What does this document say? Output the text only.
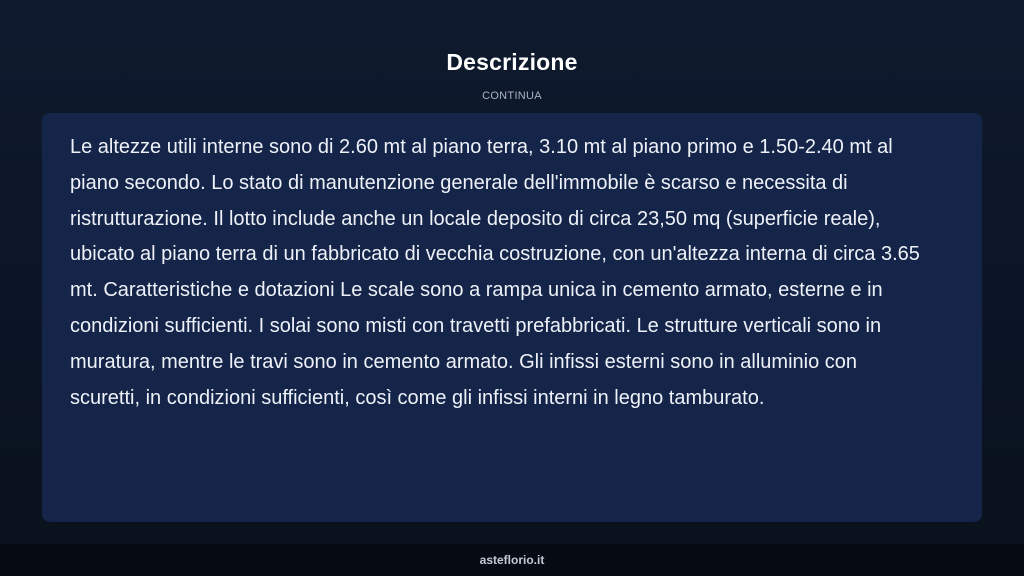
Descrizione
CONTINUA

Le altezze utili interne sono di 2.60 mt al piano terra, 3.10 mt al piano primo e 1.50-2.40 mt al piano secondo. Lo stato di manutenzione generale dell'immobile è scarso e necessita di ristrutturazione. Il lotto include anche un locale deposito di circa 23,50 mq (superficie reale), ubicato al piano terra di un fabbricato di vecchia costruzione, con un'altezza interna di circa 3.65 mt. Caratteristiche e dotazioni Le scale sono a rampa unica in cemento armato, esterne e in condizioni sufficienti. I solai sono misti con travetti prefabbricati. Le strutture verticali sono in muratura, mentre le travi sono in cemento armato. Gli infissi esterni sono in alluminio con scuretti, in condizioni sufficienti, così come gli infissi interni in legno tamburato.

asteflorio.it
